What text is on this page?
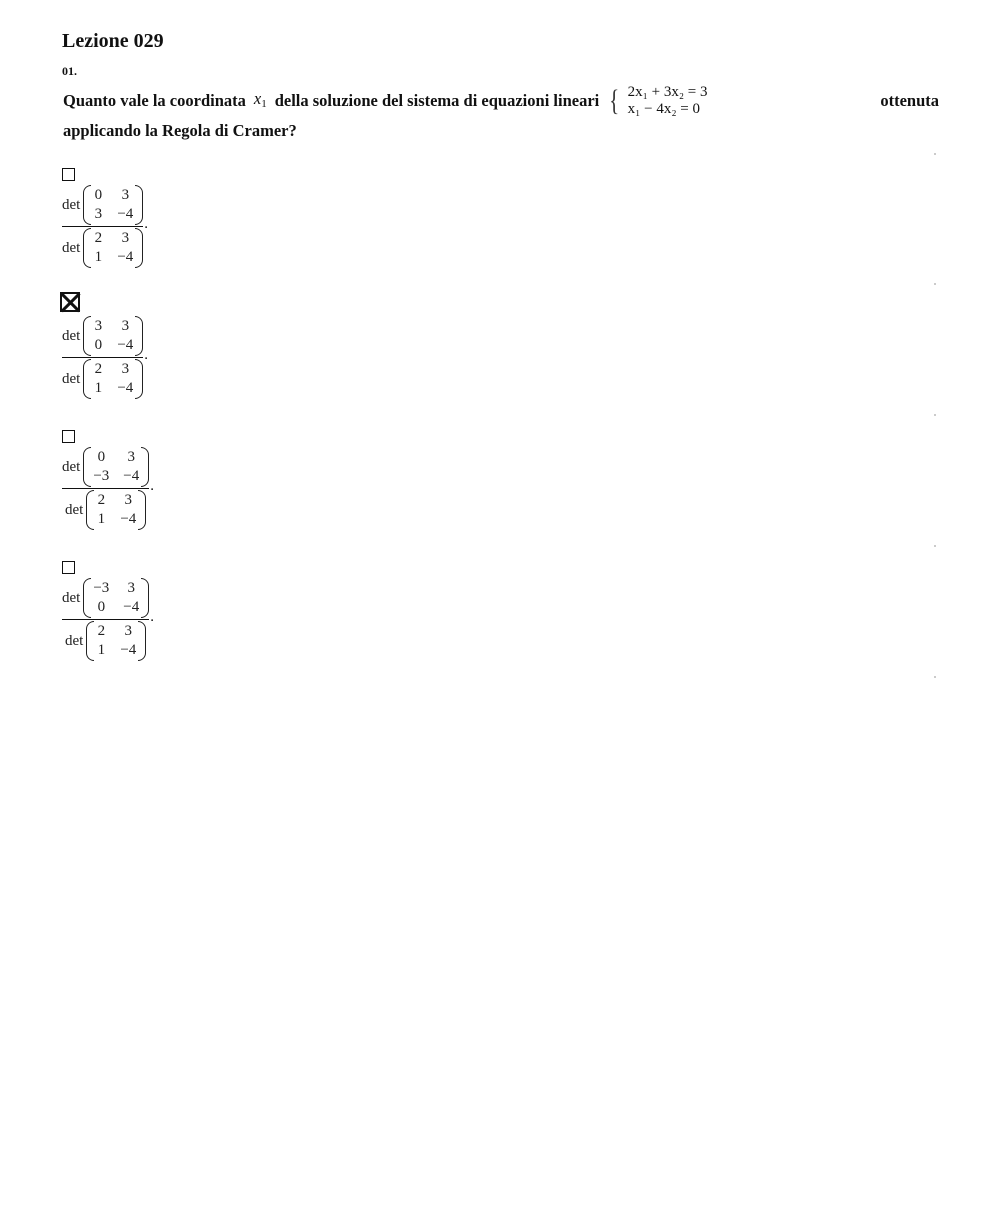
Lezione 029
01.
Quanto vale la coordinata $x_1$ della soluzione del sistema di equazioni lineari { 2x₁ + 3x₂ = 3
x₁ − 4x₂ = 0	ottenuta
applicando la Regola di Cramer?
det
0 3
3 −4
det
2 3
1 −4 .
det
3 3
0 −4
det
2 3
1 −4 .
det
0 3
−3 −4
det
2 3
1 −4 .
det
−3 3
0 −4
det
2 3
1 −4 .
